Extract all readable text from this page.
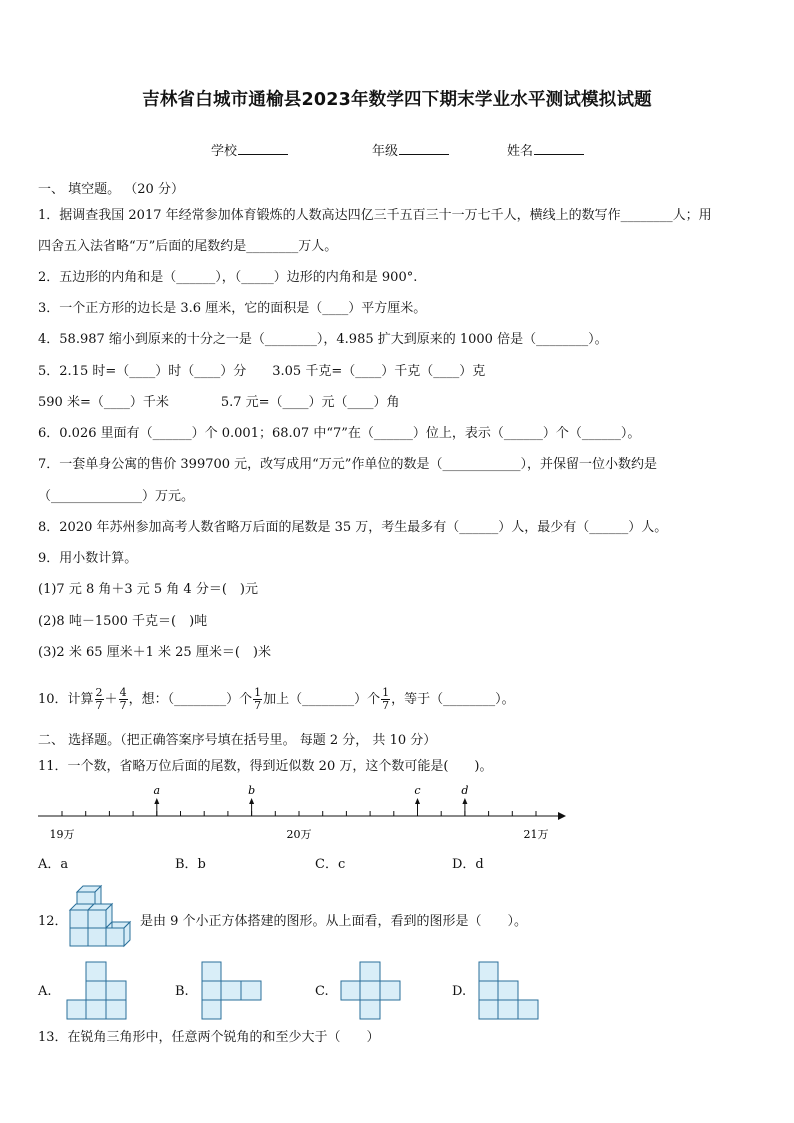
吉林省白城市通榆县2023年数学四下期末学业水平测试模拟试题
学校	年级	姓名
一、 填空题。 （20 分）
1．据调查我国 2017 年经常参加体育锻炼的人数高达四亿三千五百三十一万七千人，横线上的数写作________人；用
四舍五入法省略“万”后面的尾数约是________万人。
2．五边形的内角和是（______），（_____）边形的内角和是 900°.
3．一个正方形的边长是 3.6 厘米，它的面积是（____）平方厘米。
4．58.987 缩小到原来的十分之一是（________），4.985 扩大到原来的 1000 倍是（________）。
5．2.15 时=（____）时（____）分　　3.05 千克=（____）千克（____）克
590 米=（____）千米　　　　5.7 元=（____）元（____）角
6．0.026 里面有（______）个 0.001；68.07 中“7”在（______）位上，表示（______）个（______）。
7．一套单身公寓的售价 399700 元，改写成用“万元”作单位的数是（____________），并保留一位小数约是
（______________）万元。
8．2020 年苏州参加高考人数省略万后面的尾数是 35 万，考生最多有（______）人，最少有（______）人。
9．用小数计算。
(1)7 元 8 角＋3 元 5 角 4 分＝(　)元
(2)8 吨－1500 千克＝(　)吨
(3)2 米 65 厘米＋1 米 25 厘米＝(　)米
10．计算 $\frac{2}{7} + \frac{4}{7}$ ，想：（________）个 $\frac{1}{7}$ 加上（________）个 $\frac{1}{7}$ ，等于（________）。
二、 选择题。（把正确答案序号填在括号里。 每题 2 分， 共 10 分）
11．一个数，省略万位后面的尾数，得到近似数 20 万，这个数可能是(　　)。
a	b	c	d
19万	20万	21万
A．a	B．b	C．c	D．d
12．	是由 9 个小正方体搭建的图形。从上面看，看到的图形是（　　）。
A.	B.	C.	D.
13．在锐角三角形中，任意两个锐角的和至少大于（　　）
